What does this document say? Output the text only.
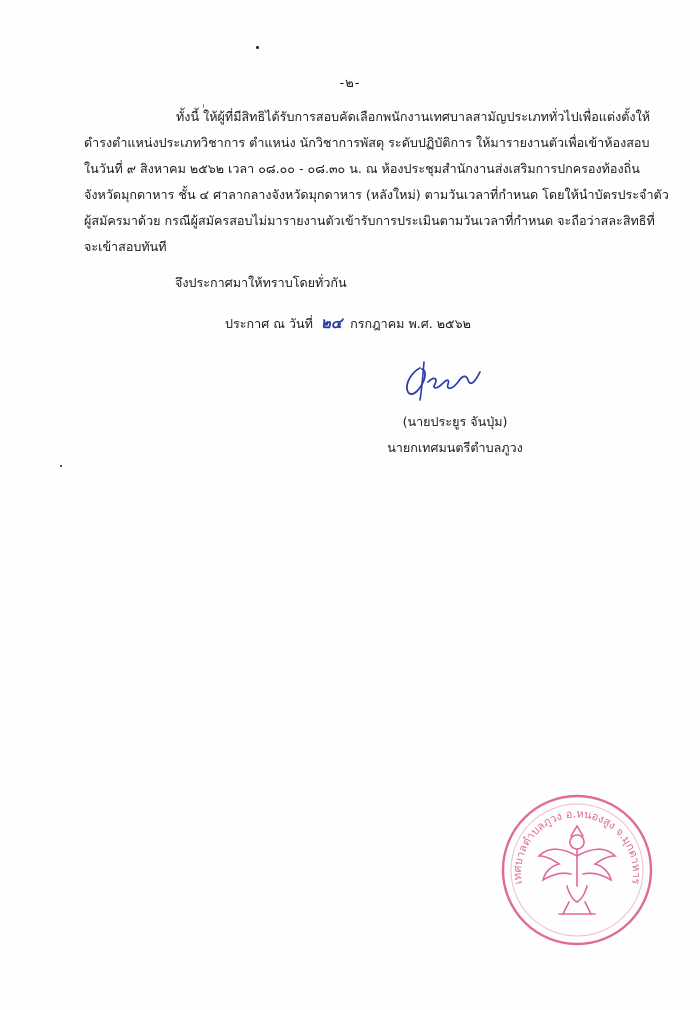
-๒-

ทั้งนี้ ให้ผู้ที่มีสิทธิได้รับการสอบคัดเลือกพนักงานเทศบาลสามัญประเภททั่วไปเพื่อแต่งตั้งให้
ดำรงตำแหน่งประเภทวิชาการ ตำแหน่ง นักวิชาการพัสดุ ระดับปฏิบัติการ ให้มารายงานตัวเพื่อเข้าห้องสอบ
ในวันที่ ๙ สิงหาคม ๒๕๖๒ เวลา ๐๘.๐๐ - ๐๘.๓๐ น. ณ ห้องประชุมสำนักงานส่งเสริมการปกครองท้องถิ่น
จังหวัดมุกดาหาร ชั้น ๔ ศาลากลางจังหวัดมุกดาหาร (หลังใหม่) ตามวันเวลาที่กำหนด โดยให้นำบัตรประจำตัว
ผู้สมัครมาด้วย กรณีผู้สมัครสอบไม่มารายงานตัวเข้ารับการประเมินตามวันเวลาที่กำหนด จะถือว่าสละสิทธิที่
จะเข้าสอบทันที

จึงประกาศมาให้ทราบโดยทั่วกัน
ประกาศ ณ วันที่ ๒๔ กรกฎาคม พ.ศ. ๒๕๖๒
(นายประยูร จันปุ่ม)
นายกเทศมนตรีตำบลภูวง
เทศบาลตำบลภูวง อ.หนองสูง จ.มุกดาหาร
